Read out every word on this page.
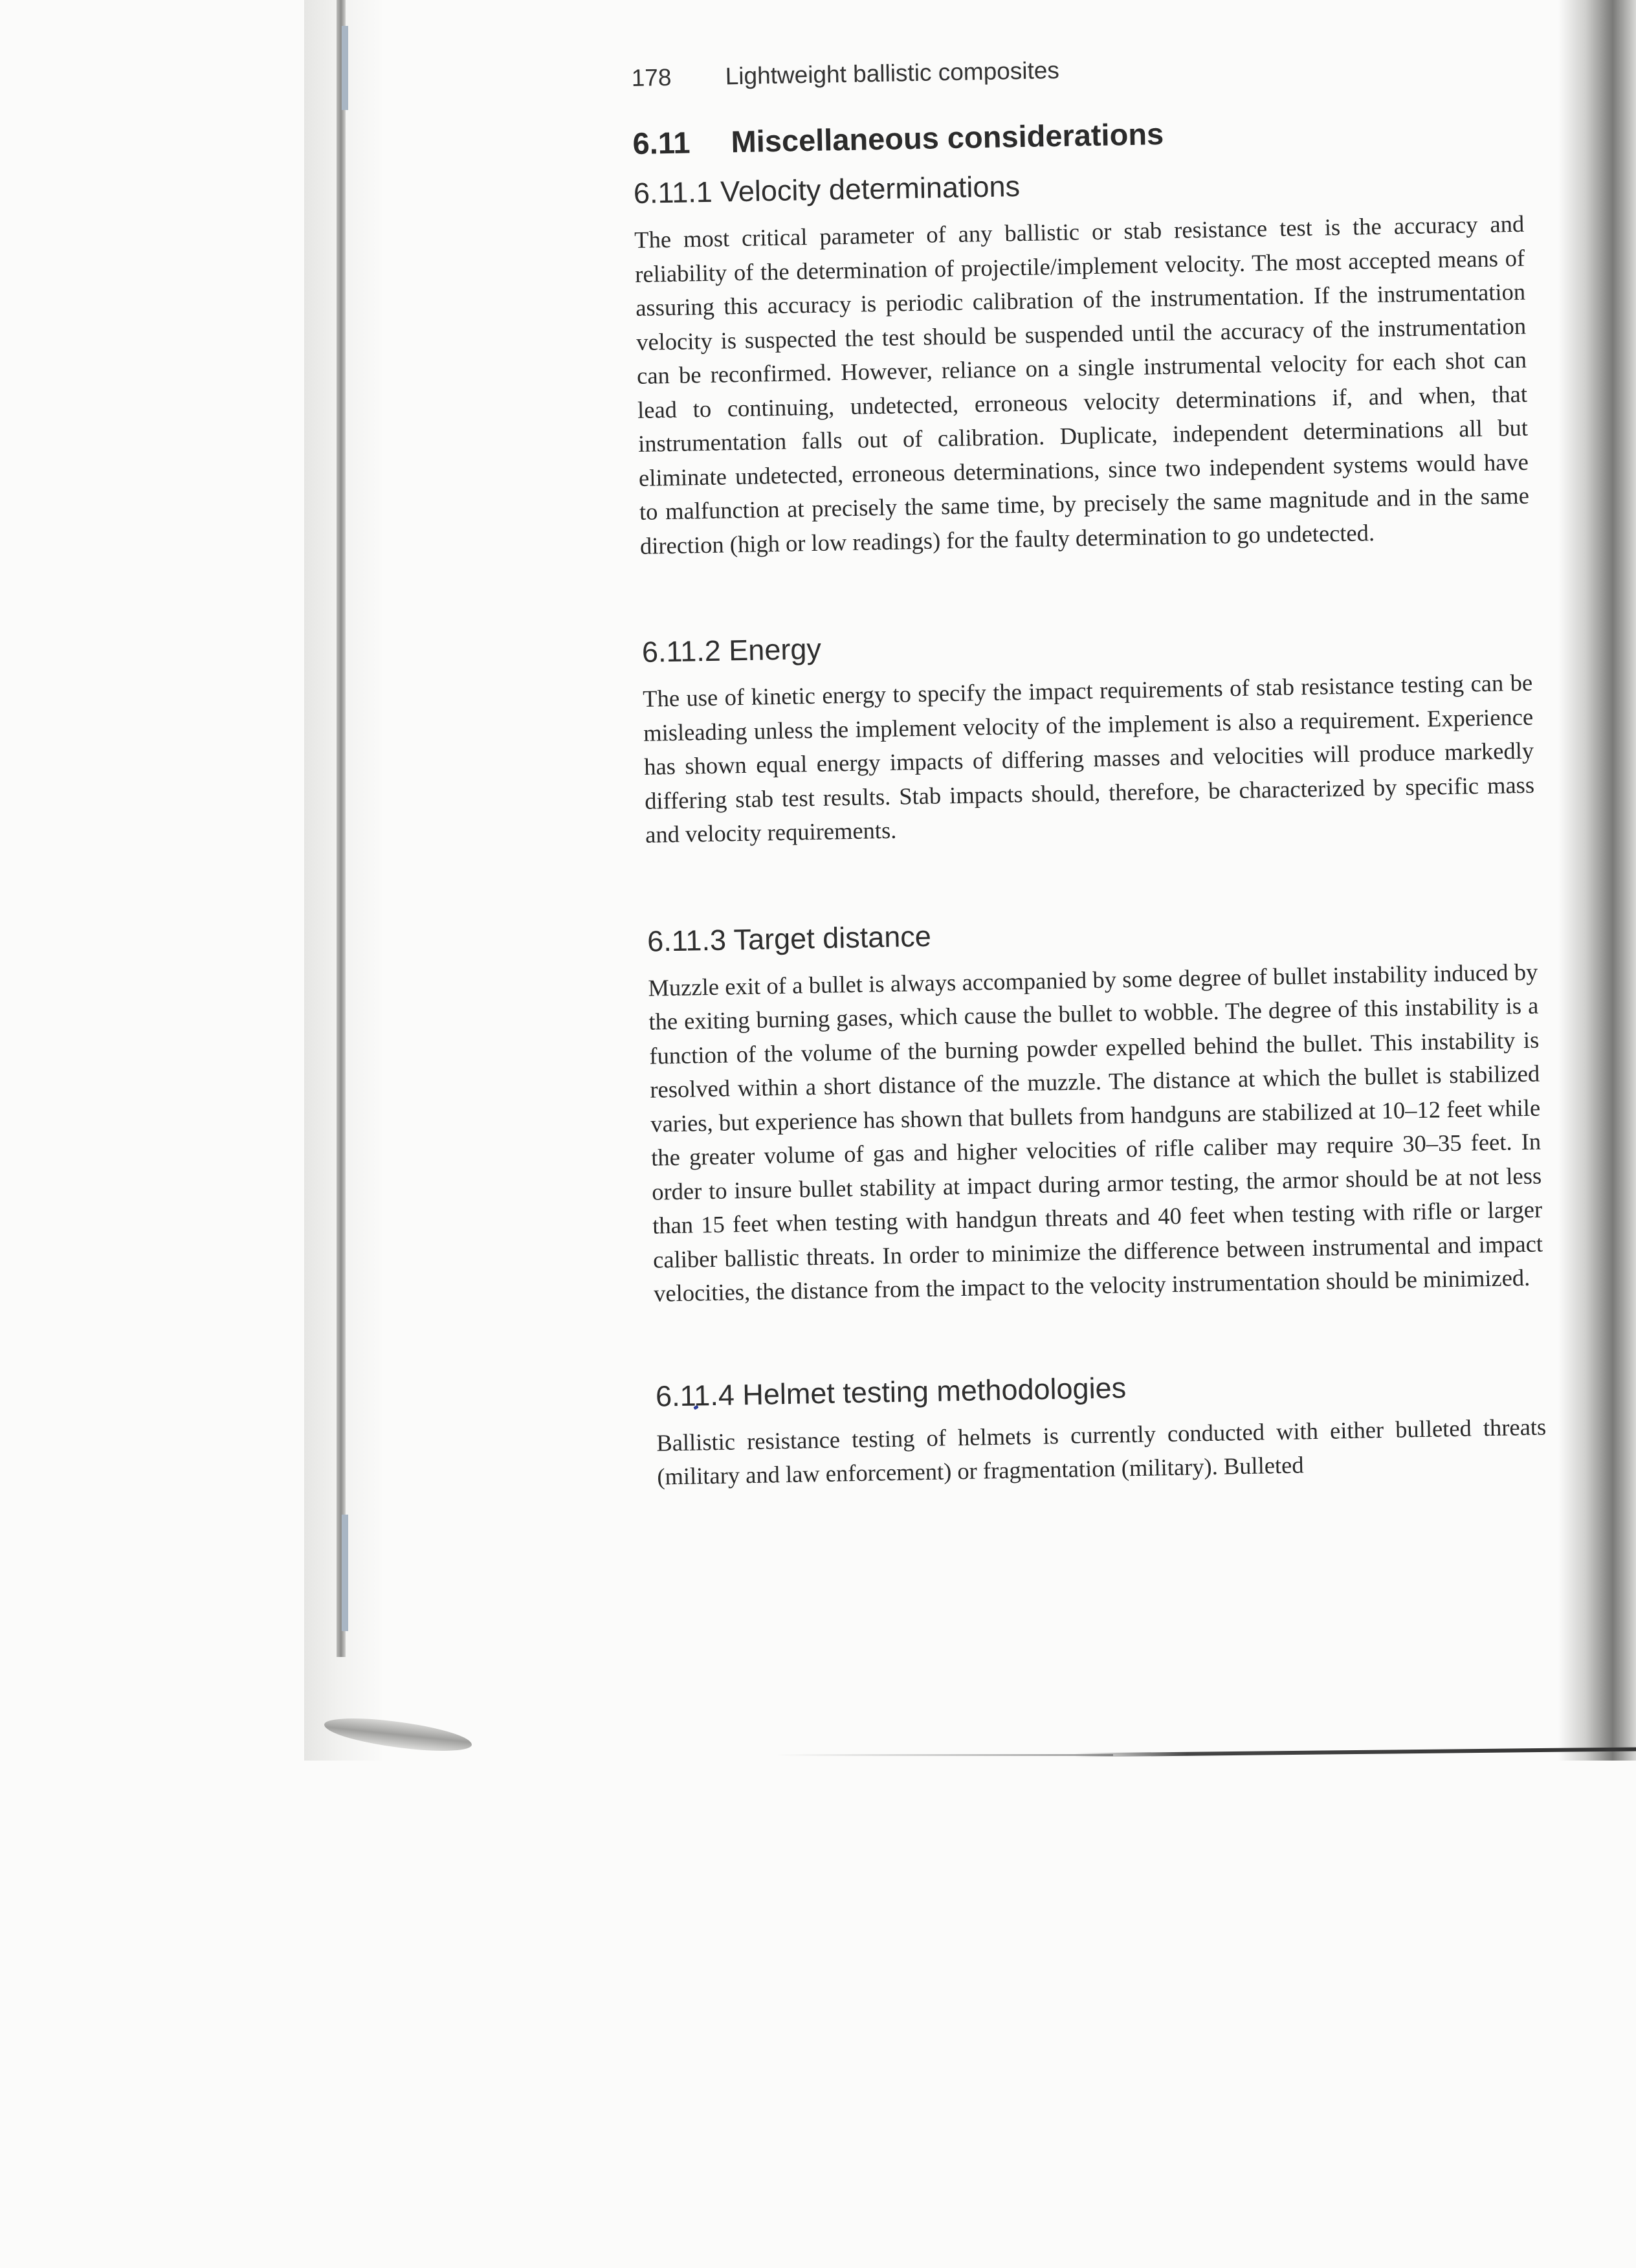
178 Lightweight ballistic composites
6.11 Miscellaneous considerations
6.11.1 Velocity determinations

The most critical parameter of any ballistic or stab resistance test is the accuracy and reliability of the determination of projectile/implement velocity. The most accepted means of assuring this accuracy is periodic calibration of the instrumentation. If the instrumentation velocity is suspected the test should be suspended until the accuracy of the instrumentation can be reconfirmed. However, reliance on a single instrumental velocity for each shot can lead to continuing, undetected, erroneous velocity determinations if, and when, that instrumentation falls out of calibration. Duplicate, independent determinations all but eliminate undetected, erroneous determinations, since two independent systems would have to malfunction at precisely the same time, by precisely the same magnitude and in the same direction (high or low readings) for the faulty determination to go undetected.

6.11.2 Energy

The use of kinetic energy to specify the impact requirements of stab resistance testing can be misleading unless the implement velocity of the implement is also a requirement. Experience has shown equal energy impacts of differing masses and velocities will produce markedly differing stab test results. Stab impacts should, therefore, be characterized by specific mass and velocity requirements.

6.11.3 Target distance

Muzzle exit of a bullet is always accompanied by some degree of bullet instability induced by the exiting burning gases, which cause the bullet to wobble. The degree of this instability is a function of the volume of the burning powder expelled behind the bullet. This instability is resolved within a short distance of the muzzle. The distance at which the bullet is stabilized varies, but experience has shown that bullets from handguns are stabilized at 10–12 feet while the greater volume of gas and higher velocities of rifle caliber may require 30–35 feet. In order to insure bullet stability at impact during armor testing, the armor should be at not less than 15 feet when testing with handgun threats and 40 feet when testing with rifle or larger caliber ballistic threats. In order to minimize the difference between instrumental and impact velocities, the distance from the impact to the velocity instrumentation should be minimized.

6.11.4 Helmet testing methodologies

Ballistic resistance testing of helmets is currently conducted with either bulleted threats (military and law enforcement) or fragmentation (military). Bulleted
